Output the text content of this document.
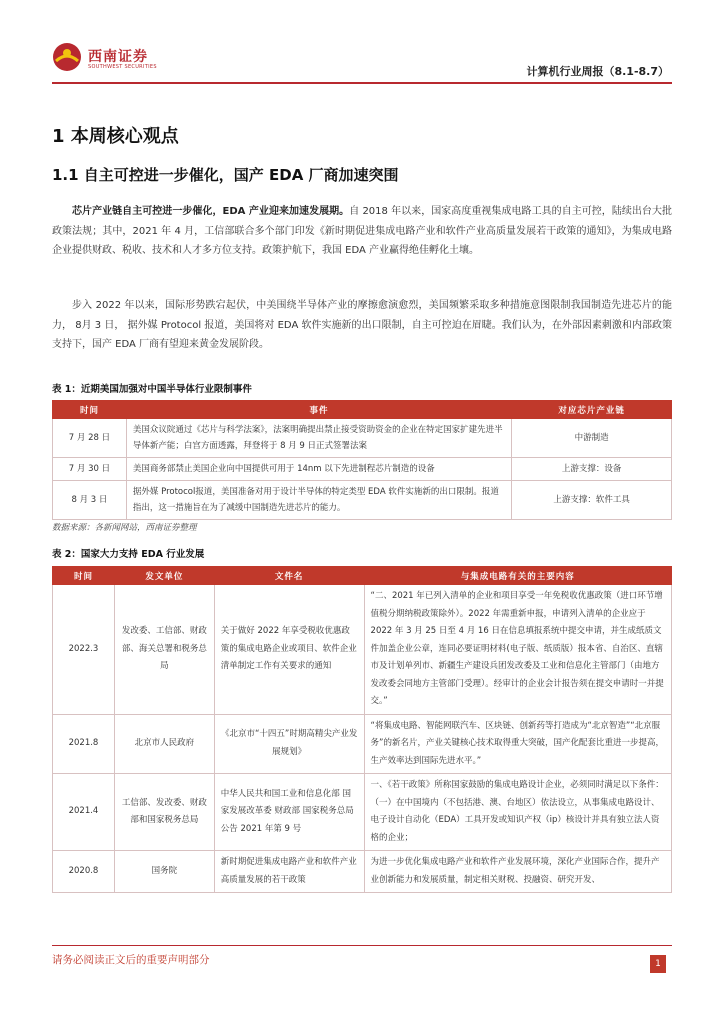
西南证券
SOUTHWEST SECURITIES	计算机行业周报（8.1-8.7）
1 本周核心观点
1.1 自主可控进一步催化，国产 EDA 厂商加速突围
芯片产业链自主可控进一步催化，EDA 产业迎来加速发展期。自 2018 年以来，国家高度重视集成电路工具的自主可控，陆续出台大批政策法规；其中，2021 年 4 月，工信部联合多个部门印发《新时期促进集成电路产业和软件产业高质量发展若干政策的通知》，为集成电路企业提供财政、税收、技术和人才多方位支持。政策护航下，我国 EDA 产业赢得绝佳孵化土壤。
步入 2022 年以来，国际形势跌宕起伏，中美围绕半导体产业的摩擦愈演愈烈，美国频繁采取多种措施意图限制我国制造先进芯片的能力， 8月 3 日， 据外媒 Protocol 报道，美国将对 EDA 软件实施新的出口限制，自主可控迫在眉睫。我们认为，在外部因素刺激和内部政策支持下，国产 EDA 厂商有望迎来黄金发展阶段。
表 1：近期美国加强对中国半导体行业限制事件
时间	事件	对应芯片产业链
7 月 28 日	美国众议院通过《芯片与科学法案》，法案明确提出禁止接受资助资金的企业在特定国家扩建先进半导体新产能；白宫方面透露，拜登将于 8 月 9 日正式签署法案	中游制造
7 月 30 日	美国商务部禁止美国企业向中国提供可用于 14nm 以下先进制程芯片制造的设备	上游支撑：设备
8 月 3 日	据外媒 Protocol报道，美国准备对用于设计半导体的特定类型 EDA 软件实施新的出口限制。报道指出，这一措施旨在为了减缓中国制造先进芯片的能力。	上游支撑：软件工具
数据来源：各新闻网站，西南证券整理
表 2：国家大力支持 EDA 行业发展
时间	发文单位	文件名	与集成电路有关的主要内容
2022.3	发改委、工信部、财政部、海关总署和税务总局	关于做好 2022 年享受税收优惠政策的集成电路企业或项目、软件企业清单制定工作有关要求的通知	“二、2021 年已列入清单的企业和项目享受一年免税收优惠政策（进口环节增值税分期纳税政策除外）。2022 年需重新申报，申请列入清单的企业应于 2022 年 3 月 25 日至 4 月 16 日在信息填报系统中提交申请，并生成纸质文件加盖企业公章，连同必要证明材料(电子版、纸质版）报本省、自治区、直辖市及计划单列市、新疆生产建设兵团发改委及工业和信息化主管部门（由地方发改委会同地方主管部门受理）。经审计的企业会计报告须在提交申请时一并提交。”
2021.8	北京市人民政府	《北京市“十四五”时期高精尖产业发展规划》	“将集成电路、智能网联汽车、区块链、创新药等打造成为“北京智造”“北京服务”的新名片，产业关键核心技术取得重大突破，国产化配套比重进一步提高，生产效率达到国际先进水平。”
2021.4	工信部、发改委、财政部和国家税务总局	中华人民共和国工业和信息化部 国家发展改革委 财政部 国家税务总局公告 2021 年第 9 号	一、《若干政策》所称国家鼓励的集成电路设计企业，必须同时满足以下条件：（一）在中国境内（不包括港、澳、台地区）依法设立，从事集成电路设计、电子设计自动化（EDA）工具开发或知识产权（ip）核设计并具有独立法人资格的企业；
2020.8	国务院	新时期促进集成电路产业和软件产业高质量发展的若干政策	为进一步优化集成电路产业和软件产业发展环境，深化产业国际合作，提升产业创新能力和发展质量，制定相关财税、投融资、研究开发、
请务必阅读正文后的重要声明部分	1
